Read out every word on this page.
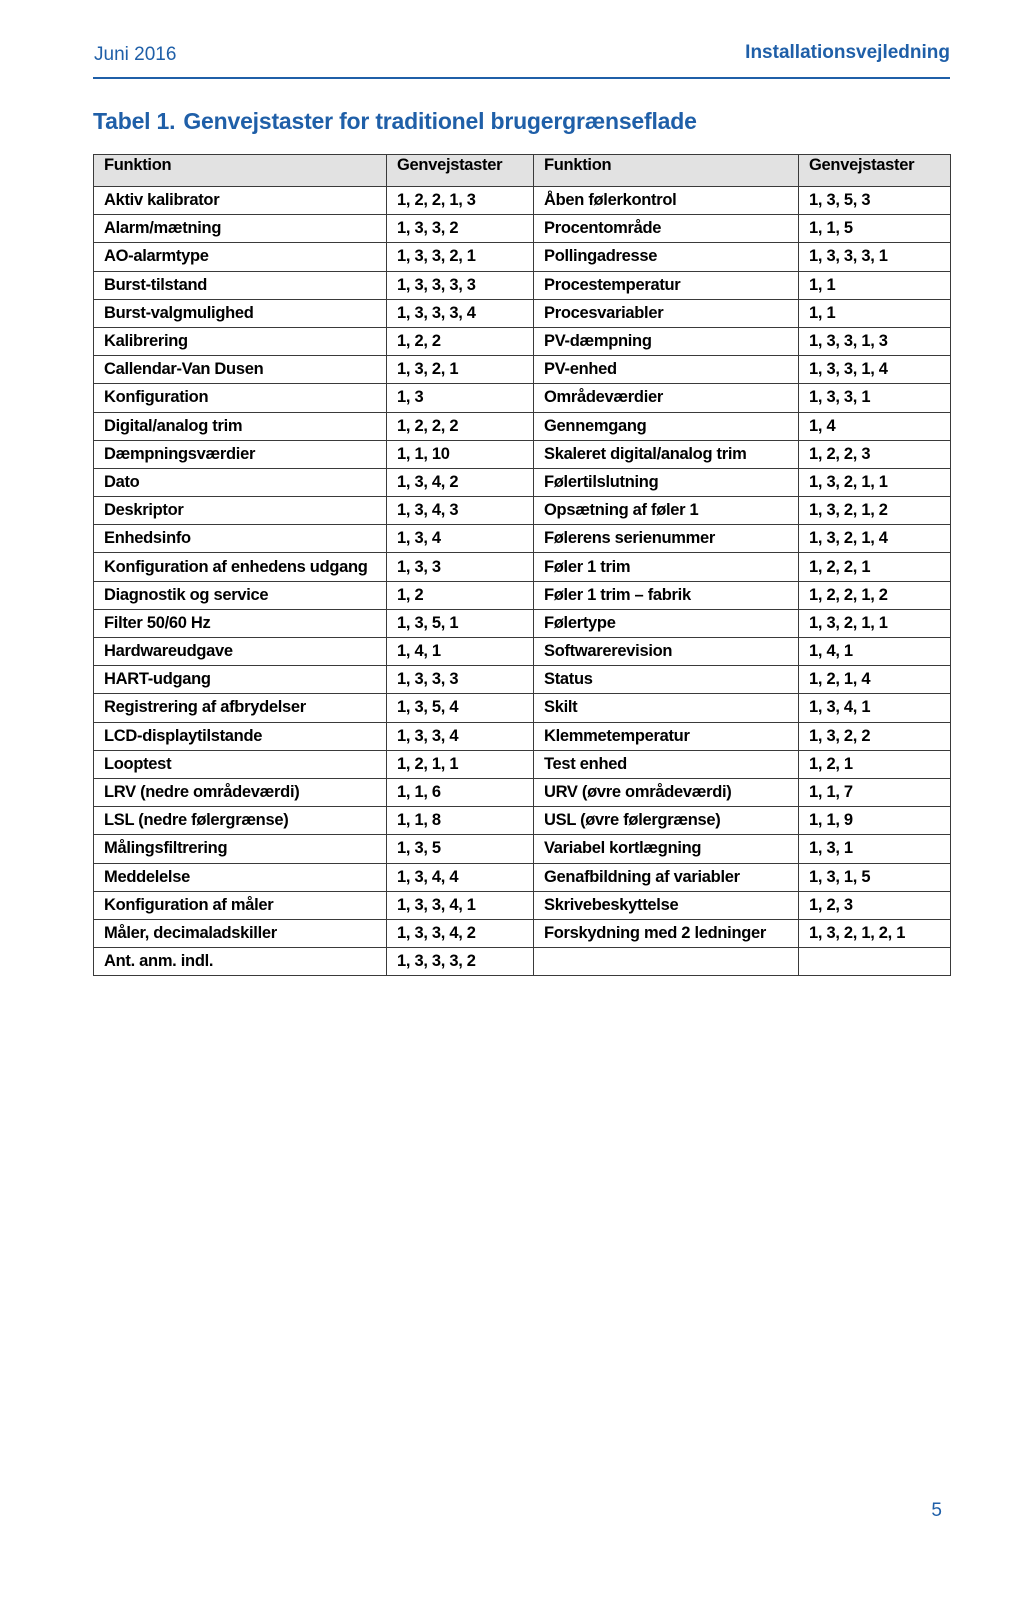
Juni 2016	Installationsvejledning
Tabel 1. Genvejstaster for traditionel brugergrænseflade
Funktion	Genvejstaster	Funktion	Genvejstaster
Aktiv kalibrator	1, 2, 2, 1, 3	Åben følerkontrol	1, 3, 5, 3
Alarm/mætning	1, 3, 3, 2	Procentområde	1, 1, 5
AO-alarmtype	1, 3, 3, 2, 1	Pollingadresse	1, 3, 3, 3, 1
Burst-tilstand	1, 3, 3, 3, 3	Procestemperatur	1, 1
Burst-valgmulighed	1, 3, 3, 3, 4	Procesvariabler	1, 1
Kalibrering	1, 2, 2	PV-dæmpning	1, 3, 3, 1, 3
Callendar-Van Dusen	1, 3, 2, 1	PV-enhed	1, 3, 3, 1, 4
Konfiguration	1, 3	Områdeværdier	1, 3, 3, 1
Digital/analog trim	1, 2, 2, 2	Gennemgang	1, 4
Dæmpningsværdier	1, 1, 10	Skaleret digital/analog trim	1, 2, 2, 3
Dato	1, 3, 4, 2	Følertilslutning	1, 3, 2, 1, 1
Deskriptor	1, 3, 4, 3	Opsætning af føler 1	1, 3, 2, 1, 2
Enhedsinfo	1, 3, 4	Følerens serienummer	1, 3, 2, 1, 4
Konfiguration af enhedens udgang	1, 3, 3	Føler 1 trim	1, 2, 2, 1
Diagnostik og service	1, 2	Føler 1 trim – fabrik	1, 2, 2, 1, 2
Filter 50/60 Hz	1, 3, 5, 1	Følertype	1, 3, 2, 1, 1
Hardwareudgave	1, 4, 1	Softwarerevision	1, 4, 1
HART-udgang	1, 3, 3, 3	Status	1, 2, 1, 4
Registrering af afbrydelser	1, 3, 5, 4	Skilt	1, 3, 4, 1
LCD-displaytilstande	1, 3, 3, 4	Klemmetemperatur	1, 3, 2, 2
Looptest	1, 2, 1, 1	Test enhed	1, 2, 1
LRV (nedre områdeværdi)	1, 1, 6	URV (øvre områdeværdi)	1, 1, 7
LSL (nedre følergrænse)	1, 1, 8	USL (øvre følergrænse)	1, 1, 9
Målingsfiltrering	1, 3, 5	Variabel kortlægning	1, 3, 1
Meddelelse	1, 3, 4, 4	Genafbildning af variabler	1, 3, 1, 5
Konfiguration af måler	1, 3, 3, 4, 1	Skrivebeskyttelse	1, 2, 3
Måler, decimaladskiller	1, 3, 3, 4, 2	Forskydning med 2 ledninger	1, 3, 2, 1, 2, 1
Ant. anm. indl.	1, 3, 3, 3, 2		
5
